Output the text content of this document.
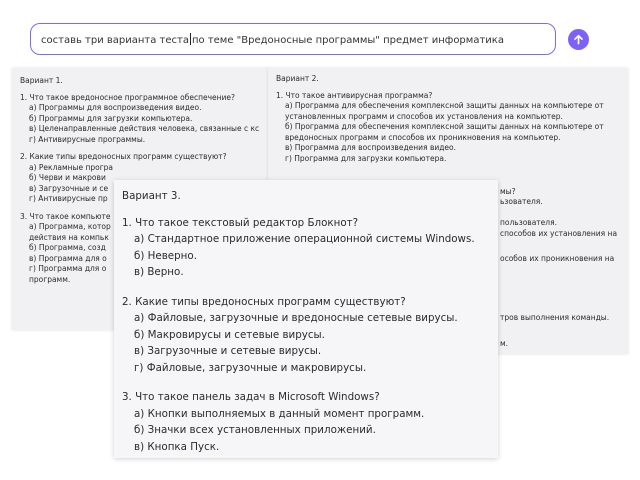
составь три варианта теста по теме "Вредоносные программы" предмет информатика
Вариант 1.
1. Что такое вредоносное программное обеспечение?
а) Программы для воспроизведения видео.
б) Программы для загрузки компьютера.
в) Целенаправленные действия человека, связанные с кс
г) Антивирусные программы.
2. Какие типы вредоносных программ существуют?
а) Рекламные програ
б) Черви и макрови
в) Загрузочные и се
г) Антивирусные пр
3. Что такое компьюте
а) Программа, котор
действия на компьк
б) Программа, созд
в) Программа для о
г) Программа для о
программ.
Вариант 2.
1. Что такое антивирусная программа?
а) Программа для обеспечения комплексной защиты данных на компьютере от установленных программ и способов их установления на компьютер.
б) Программа для обеспечения комплексной защиты данных на компьютере от вредоносных программ и способов их проникновения на компьютер.
в) Программа для воспроизведения видео.
г) Программа для загрузки компьютера.
мы?
ьзователя.
пользователя.
способов их установления на
особов их проникновения на
тров выполнения команды.
м.
Вариант 3.
1. Что такое текстовый редактор Блокнот?
а) Стандартное приложение операционной системы Windows.
б) Неверно.
в) Верно.
2. Какие типы вредоносных программ существуют?
а) Файловые, загрузочные и вредоносные сетевые вирусы.
б) Макровирусы и сетевые вирусы.
в) Загрузочные и сетевые вирусы.
г) Файловые, загрузочные и макровирусы.
3. Что такое панель задач в Microsoft Windows?
а) Кнопки выполняемых в данный момент программ.
б) Значки всех установленных приложений.
в) Кнопка Пуск.
